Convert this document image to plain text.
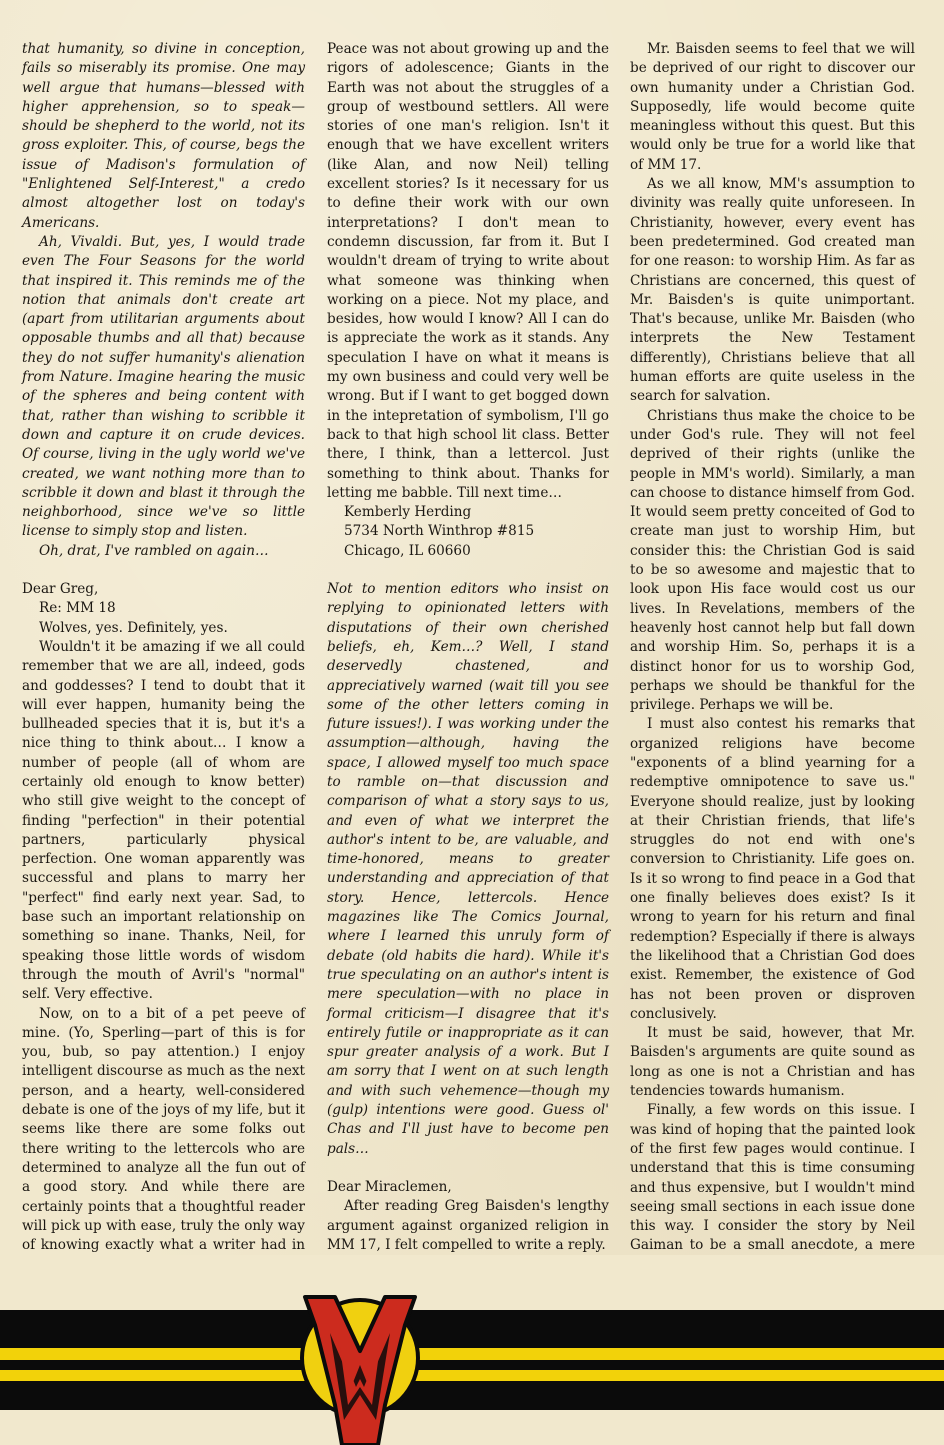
that humanity, so divine in conception, fails so miserably its promise. One may well argue that humans—blessed with higher apprehension, so to speak—should be shepherd to the world, not its gross exploiter. This, of course, begs the issue of Madison's formulation of "Enlightened Self-Interest," a credo almost altogether lost on today's Americans.

Ah, Vivaldi. But, yes, I would trade even The Four Seasons for the world that inspired it. This reminds me of the notion that animals don't create art (apart from utilitarian arguments about opposable thumbs and all that) because they do not suffer humanity's alienation from Nature. Imagine hearing the music of the spheres and being content with that, rather than wishing to scribble it down and capture it on crude devices. Of course, living in the ugly world we've created, we want nothing more than to scribble it down and blast it through the neighborhood, since we've so little license to simply stop and listen.

Oh, drat, I've rambled on again…

Dear Greg,

Re: MM 18

Wolves, yes. Definitely, yes.

Wouldn't it be amazing if we all could remember that we are all, indeed, gods and goddesses? I tend to doubt that it will ever happen, humanity being the bullheaded species that it is, but it's a nice thing to think about… I know a number of people (all of whom are certainly old enough to know better) who still give weight to the concept of finding "perfection" in their potential partners, particularly physical perfection. One woman apparently was successful and plans to marry her "perfect" find early next year. Sad, to base such an important relationship on something so inane. Thanks, Neil, for speaking those little words of wisdom through the mouth of Avril's "normal" self. Very effective.

Now, on to a bit of a pet peeve of mine. (Yo, Sperling—part of this is for you, bub, so pay attention.) I enjoy intelligent discourse as much as the next person, and a hearty, well-considered debate is one of the joys of my life, but it seems like there are some folks out there writing to the lettercols who are determined to analyze all the fun out of a good story. And while there are certainly points that a thoughtful reader will pick up with ease, truly the only way of knowing exactly what a writer had in

Peace was not about growing up and the rigors of adolescence; Giants in the Earth was not about the struggles of a group of westbound settlers. All were stories of one man's religion. Isn't it enough that we have excellent writers (like Alan, and now Neil) telling excellent stories? Is it necessary for us to define their work with our own interpretations? I don't mean to condemn discussion, far from it. But I wouldn't dream of trying to write about what someone was thinking when working on a piece. Not my place, and besides, how would I know? All I can do is appreciate the work as it stands. Any speculation I have on what it means is my own business and could very well be wrong. But if I want to get bogged down in the intepretation of symbolism, I'll go back to that high school lit class. Better there, I think, than a lettercol. Just something to think about. Thanks for letting me babble. Till next time…

Kemberly Herding

5734 North Winthrop #815

Chicago, IL 60660

Not to mention editors who insist on replying to opinionated letters with disputations of their own cherished beliefs, eh, Kem…? Well, I stand deservedly chastened, and appreciatively warned (wait till you see some of the other letters coming in future issues!). I was working under the assumption—although, having the space, I allowed myself too much space to ramble on—that discussion and comparison of what a story says to us, and even of what we interpret the author's intent to be, are valuable, and time-honored, means to greater understanding and appreciation of that story. Hence, lettercols. Hence magazines like The Comics Journal, where I learned this unruly form of debate (old habits die hard). While it's true speculating on an author's intent is mere speculation—with no place in formal criticism—I disagree that it's entirely futile or inappropriate as it can spur greater analysis of a work. But I am sorry that I went on at such length and with such vehemence—though my (gulp) intentions were good. Guess ol' Chas and I'll just have to become pen pals…

Dear Miraclemen,

After reading Greg Baisden's lengthy argument against organized religion in MM 17, I felt compelled to write a reply.

Mr. Baisden seems to feel that we will be deprived of our right to discover our own humanity under a Christian God. Supposedly, life would become quite meaningless without this quest. But this would only be true for a world like that of MM 17.

As we all know, MM's assumption to divinity was really quite unforeseen. In Christianity, however, every event has been predetermined. God created man for one reason: to worship Him. As far as Christians are concerned, this quest of Mr. Baisden's is quite unimportant. That's because, unlike Mr. Baisden (who interprets the New Testament differently), Christians believe that all human efforts are quite useless in the search for salvation.

Christians thus make the choice to be under God's rule. They will not feel deprived of their rights (unlike the people in MM's world). Similarly, a man can choose to distance himself from God. It would seem pretty conceited of God to create man just to worship Him, but consider this: the Christian God is said to be so awesome and majestic that to look upon His face would cost us our lives. In Revelations, members of the heavenly host cannot help but fall down and worship Him. So, perhaps it is a distinct honor for us to worship God, perhaps we should be thankful for the privilege. Perhaps we will be.

I must also contest his remarks that organized religions have become "exponents of a blind yearning for a redemptive omnipotence to save us." Everyone should realize, just by looking at their Christian friends, that life's struggles do not end with one's conversion to Christianity. Life goes on. Is it so wrong to find peace in a God that one finally believes does exist? Is it wrong to yearn for his return and final redemption? Especially if there is always the likelihood that a Christian God does exist. Remember, the existence of God has not been proven or disproven conclusively.

It must be said, however, that Mr. Baisden's arguments are quite sound as long as one is not a Christian and has tendencies towards humanism.

Finally, a few words on this issue. I was kind of hoping that the painted look of the first few pages would continue. I understand that this is time consuming and thus expensive, but I wouldn't mind seeing small sections in each issue done this way. I consider the story by Neil Gaiman to be a small anecdote, a mere
